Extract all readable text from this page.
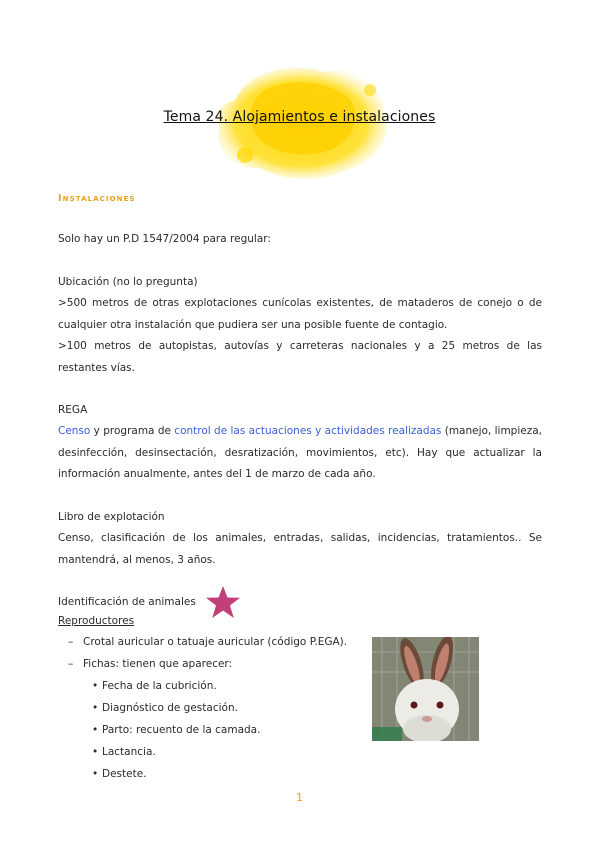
Tema 24. Alojamientos e instalaciones
Instalaciones
Solo hay un P.D 1547/2004 para regular:
Ubicación (no lo pregunta)
>500 metros de otras explotaciones cunícolas existentes, de mataderos de conejo o de cualquier otra instalación que pudiera ser una posible fuente de contagio.
>100 metros de autopistas, autovías y carreteras nacionales y a 25 metros de las restantes vías.
REGA
Censo y programa de control de las actuaciones y actividades realizadas (manejo, limpieza, desinfección, desinsectación, desratización, movimientos, etc). Hay que actualizar la información anualmente, antes del 1 de marzo de cada año.
Libro de explotación
Censo, clasificación de los animales, entradas, salidas, incidencias, tratamientos.. Se mantendrá, al menos, 3 años.
Identificación de animales
Reproductores
– Crotal auricular o tatuaje auricular (código P.EGA).
– Fichas: tienen que aparecer:
• Fecha de la cubrición.
• Diagnóstico de gestación.
• Parto: recuento de la camada.
• Lactancia.
• Destete.
1
